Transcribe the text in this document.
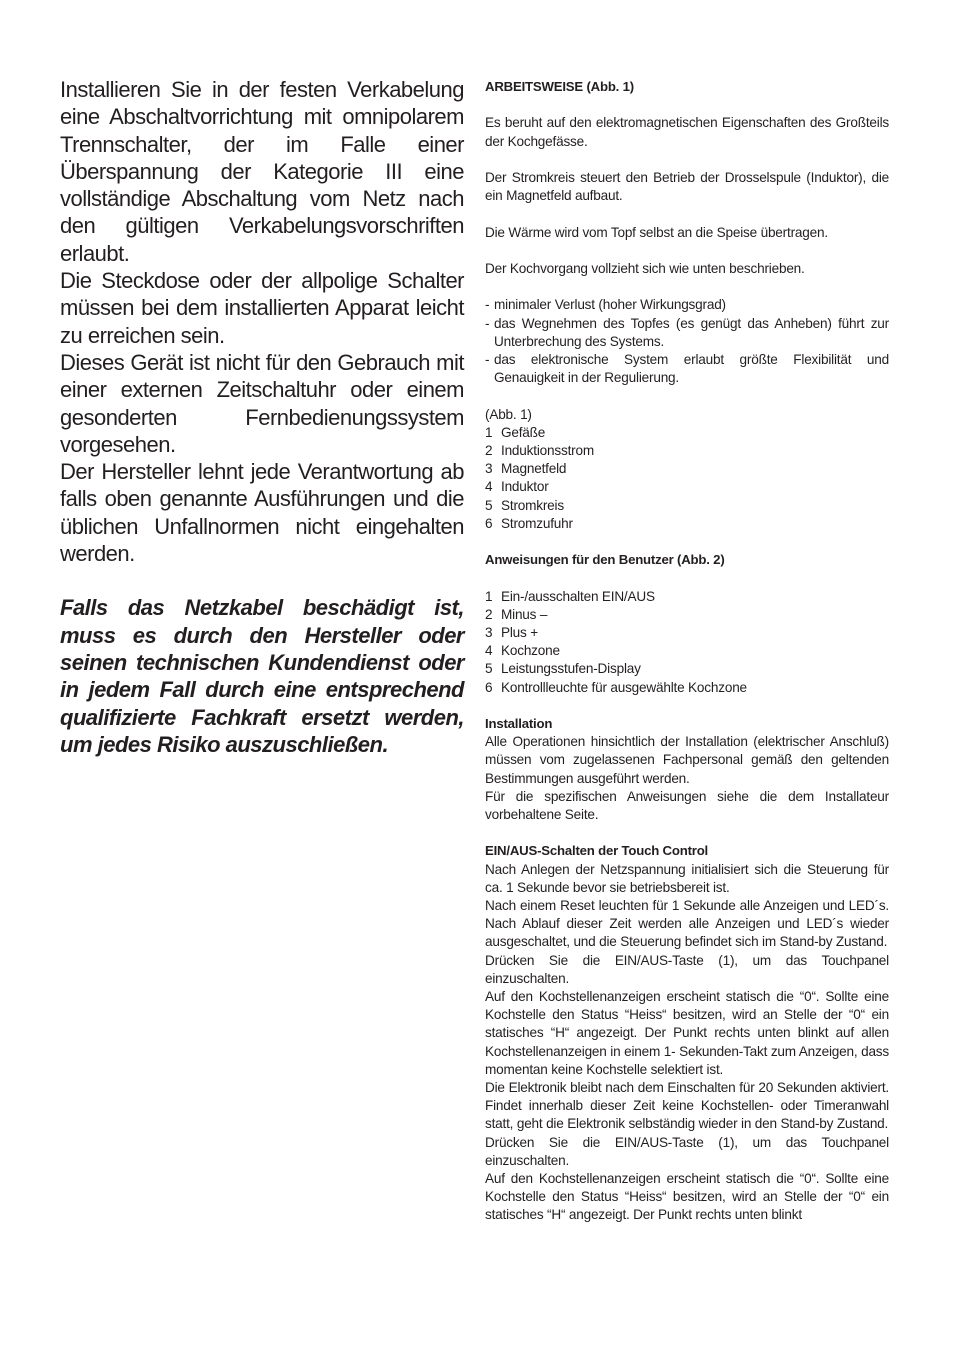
Installieren Sie in der festen Verkabelung eine Abschaltvorrichtung mit omnipolarem Trennschalter, der im Falle einer Überspannung der Kategorie III eine vollständige Abschaltung vom Netz nach den gültigen Verkabelungsvorschriften erlaubt.

Die Steckdose oder der allpolige Schalter müssen bei dem installierten Apparat leicht zu erreichen sein.

Dieses Gerät ist nicht für den Gebrauch mit einer externen Zeitschaltuhr oder einem gesonderten Fernbedienungssystem vorgesehen.

Der Hersteller lehnt jede Verantwortung ab falls oben genannte Ausführungen und die üblichen Unfallnormen nicht eingehalten werden.

Falls das Netzkabel beschädigt ist, muss es durch den Hersteller oder seinen technischen Kundendienst oder in jedem Fall durch eine entsprechend qualifizierte Fachkraft ersetzt werden, um jedes Risiko auszuschließen.

ARBEITSWEISE (Abb. 1)

Es beruht auf den elektromagnetischen Eigenschaften des Großteils der Kochgefässe.

Der Stromkreis steuert den Betrieb der Drosselspule (Induktor), die ein Magnetfeld aufbaut.

Die Wärme wird vom Topf selbst an die Speise übertragen.

Der Kochvorgang vollzieht sich wie unten beschrieben.

- minimaler Verlust (hoher Wirkungsgrad)
- das Wegnehmen des Topfes (es genügt das Anheben) führt zur Unterbrechung des Systems.
- das elektronische System erlaubt größte Flexibilität und Genauigkeit in der Regulierung.

(Abb. 1)

1 Gefäße
2 Induktionsstrom
3 Magnetfeld
4 Induktor
5 Stromkreis
6 Stromzufuhr

Anweisungen für den Benutzer (Abb. 2)

1 Ein-/ausschalten EIN/AUS
2 Minus –
3 Plus +
4 Kochzone
5 Leistungsstufen-Display
6 Kontrollleuchte für ausgewählte Kochzone

Installation

Alle Operationen hinsichtlich der Installation (elektrischer Anschluß) müssen vom zugelassenen Fachpersonal gemäß den geltenden Bestimmungen ausgeführt werden.

Für die spezifischen Anweisungen siehe die dem Installateur vorbehaltene Seite.

EIN/AUS-Schalten der Touch Control

Nach Anlegen der Netzspannung initialisiert sich die Steuerung für ca. 1 Sekunde bevor sie betriebsbereit ist.

Nach einem Reset leuchten für 1 Sekunde alle Anzeigen und LED´s. Nach Ablauf dieser Zeit werden alle Anzeigen und LED´s wieder ausgeschaltet, und die Steuerung befindet sich im Stand-by Zustand.

Drücken Sie die EIN/AUS-Taste (1), um das Touchpanel einzuschalten.

Auf den Kochstellenanzeigen erscheint statisch die “0“. Sollte eine Kochstelle den Status “Heiss“ besitzen, wird an Stelle der “0“ ein statisches “H“ angezeigt. Der Punkt rechts unten blinkt auf allen Kochstellenanzeigen in einem 1- Sekunden-Takt zum Anzeigen, dass momentan keine Kochstelle selektiert ist.

Die Elektronik bleibt nach dem Einschalten für 20 Sekunden aktiviert. Findet innerhalb dieser Zeit keine Kochstellen- oder Timeranwahl statt, geht die Elektronik selbständig wieder in den Stand-by Zustand.

Drücken Sie die EIN/AUS-Taste (1), um das Touchpanel einzuschalten.

Auf den Kochstellenanzeigen erscheint statisch die “0“. Sollte eine Kochstelle den Status “Heiss“ besitzen, wird an Stelle der “0“ ein statisches “H“ angezeigt. Der Punkt rechts unten blinkt
